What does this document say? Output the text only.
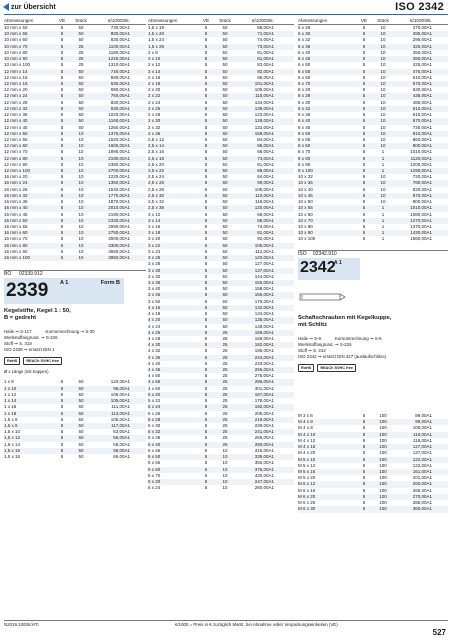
zur Übersicht	ISO 2342
Abmessungen	VE	Stück	€/1000Stk.
10 mm x 50	5	50	730,00A1
10 mm x 55	5	50	800,00A1
10 mm x 60	5	50	830,00A1
10 mm x 70	5	25	1100,00A1
10 mm x 80	5	25	1180,00A1
10 mm x 90	5	25	1220,00A1
10 mm x 100	5	25	1310,00A1
12 mm x 14	5	50	740,00A1
12 mm x 16	5	50	590,00A1
12 mm x 18	5	50	630,00A1
12 mm x 20	5	50	690,00A1
12 mm x 24	5	50	760,00A1
12 mm x 28	5	50	830,00A1
12 mm x 32	5	50	930,00A1
12 mm x 36	5	50	1020,00A1
12 mm x 40	5	50	1160,00A1
12 mm x 45	5	50	1260,00A1
12 mm x 50	5	10	1370,00A1
12 mm x 55	5	10	1520,00A1
12 mm x 60	5	10	1600,00A1
12 mm x 70	5	10	1890,00A1
12 mm x 80	5	10	2190,00A1
12 mm x 90	5	10	2380,00A1
12 mm x 100	5	10	2700,00A1
16 mm x 20	5	10	1220,00A1
16 mm x 24	5	10	1350,00A1
16 mm x 28	5	10	1540,00A1
16 mm x 32	5	10	1770,00A1
16 mm x 36	5	10	1870,00A1
16 mm x 40	5	10	2010,00A1
16 mm x 45	5	10	2190,00A1
16 mm x 50	5	10	2330,00A1
16 mm x 55	5	10	2590,00A1
16 mm x 60	5	10	2750,00A1
16 mm x 70	5	10	3000,00A1
16 mm x 80	5	10	3300,00A1
16 mm x 90	5	10	3650,00A1
16 mm x 100	5	10	3950,00A1
BO	02339.912
2339 A 1	Form B
Kegelstifte, Kegel 1 : 50,
B = gedreht
Haile ➞ S-117	Kornumrechnung ➞ S-30
Werkstoffangrund. ➞ S-226
Stoff ➞ S. 318
ISO 2339 ➞ ersetzt DIN 1
RoHS	REACh SVHC free
Ø x Länge (mit Kappen)
1 x 8	5	50	120,00A1
1 x 10	5	50	96,00A1
1 x 12	5	50	105,00A1
1 x 14	5	50	105,00A1
1 x 16	5	50	111,00A1
1 x 18	5	50	113,00A1
1,5 x 6	5	50	105,00A1
1,5 x 8	5	50	117,00A1
1,5 x 10	5	50	53,00A1
1,5 x 12	5	50	56,00A1
1,5 x 14	5	50	58,00A1
1,5 x 16	5	50	58,00A1
1,5 x 18	5	50	65,00A1
Abmessungen	VE	Stück	€/1000Stk.
1,5 x 19	5	50	68,00A1
1,5 x 20	5	50	71,00A1
1,5 x 24	5	50	74,00A1
1,5 x 26	5	50	73,00A1
2 x 8	5	50	81,00A1
2 x 10	5	50	81,00A1
2 x 12	5	50	83,00A1
2 x 14	5	50	92,00A1
2 x 16	5	50	95,00A1
2 x 18	5	50	101,00A1
2 x 20	5	50	105,00A1
2 x 22	5	50	110,00A1
2 x 24	5	50	134,00A1
2 x 26	5	50	139,00A1
2 x 28	5	50	122,00A1
2 x 30	5	50	128,00A1
2 x 32	5	50	132,00A1
2 x 36	5	50	158,00A1
2,5 x 12	5	50	84,00A1
2,5 x 14	5	50	86,00A1
2,5 x 16	5	50	68,00A1
2,5 x 18	5	50	74,00A1
2,5 x 20	5	50	81,00A1
2,5 x 22	5	50	88,00A1
2,5 x 24	5	50	94,00A1
2,5 x 26	5	50	99,00A1
2,5 x 28	5	50	105,00A1
2,5 x 30	5	50	110,00A1
2,5 x 32	5	50	116,00A1
2,5 x 36	5	50	120,00A1
3 x 12	5	50	68,00A1
3 x 14	5	50	68,00A1
3 x 16	5	50	74,00A1
3 x 18	5	50	81,00A1
3 x 20	5	50	92,00A1
3 x 22	5	50	105,00A1
3 x 24	5	50	112,00A1
3 x 26	5	50	120,00A1
3 x 28	5	50	127,00A1
3 x 30	5	50	137,00A1
3 x 32	5	50	144,00A1
3 x 36	5	50	150,00A1
3 x 40	5	50	158,00A1
3 x 45	5	50	165,00A1
3 x 50	5	50	175,00A1
4 x 16	5	50	132,00A1
4 x 18	5	50	134,00A1
4 x 20	5	50	135,00A1
4 x 24	5	50	148,00A1
4 x 26	5	25	159,00A1
4 x 28	5	25	169,00A1
4 x 30	5	25	182,00A1
4 x 32	5	25	195,00A1
4 x 36	5	25	234,00A1
4 x 40	5	25	233,00A1
4 x 45	5	25	255,00A1
4 x 50	5	25	275,00A1
4 x 55	5	25	296,00A1
4 x 60	5	25	301,00A1
5 x 20	5	25	167,00A1
5 x 22	5	25	178,00A1
5 x 24	5	25	192,00A1
5 x 26	5	25	205,00A1
5 x 28	5	25	216,00A1
5 x 30	5	25	229,00A1
5 x 32	5	25	241,00A1
5 x 36	5	25	265,00A1
5 x 40	5	25	280,00A1
5 x 45	5	10	315,00A1
5 x 50	5	10	335,00A1
5 x 55	5	10	355,00A1
5 x 60	5	10	375,00A1
5 x 70	5	10	430,00A1
6 x 20	5	10	247,00A1
6 x 24	5	10	260,00A1
Abmessungen	VE	Stück	€/1000Stk.
6 x 28	5	10	270,00A1
6 x 30	5	10	285,00A1
6 x 32	5	10	295,00A1
6 x 36	5	10	325,00A1
6 x 40	5	10	355,00A1
6 x 45	5	10	390,00A1
6 x 50	5	10	425,00A1
6 x 55	5	10	475,00A1
6 x 60	5	10	510,00A1
6 x 70	5	10	570,00A1
8 x 20	5	10	630,00A1
8 x 28	5	10	435,00A1
8 x 30	5	10	485,00A1
8 x 32	5	10	510,00A1
8 x 36	5	10	610,00A1
8 x 40	5	10	670,00A1
8 x 45	5	10	730,00A1
8 x 50	5	10	810,00A1
8 x 55	5	10	860,00A1
8 x 60	5	10	900,00A1
8 x 70	5	1	1010,00A1
8 x 80	5	1	1120,00A1
8 x 90	5	1	1200,00A1
8 x 100	5	1	1290,00A1
10 x 32	5	10	720,00A1
10 x 36	5	10	780,00A1
10 x 40	5	10	820,00A1
10 x 45	5	10	870,00A1
10 x 50	5	10	900,00A1
10 x 55	5	1	1010,00A1
10 x 60	5	1	1080,00A1
10 x 70	5	1	1270,00A1
10 x 80	5	1	1370,00A1
10 x 90	5	1	1430,00A1
10 x 100	5	1	1560,00A1
ISO	02342.910
2342
A 1
Schaftschrauben mit Kegelkuppe,
mit Schlitz
Haile ➞ S-9	Kornumrechnung ➞ S-6
Werkstoffangrund. ➞ S-226
Stoff ➞ S. 232
ISO 2342 ➞ ersetzt DIN 427 (auslaufschlitze)
RoHS	REACh SVHC free
M 3 x 6	5	100	89,00A1
M 4 x 8	5	100	99,00A1
M 4 x 8	5	100	105,00A1
M 4 x 10	5	100	110,00A1
M 4 x 12	5	100	118,00A1
M 4 x 16	5	100	127,00A1
M 4 x 20	5	100	137,00A1
M 5 x 10	5	100	122,00A1
M 5 x 12	5	100	122,00A1
M 5 x 16	5	100	161,00A1
M 5 x 20	5	100	201,00A1
M 6 x 12	5	100	260,00A1
M 6 x 16	5	100	265,00A1
M 6 x 20	5	100	270,00A1
M 6 x 25	5	100	285,00A1
M 6 x 30	5	100	360,00A1
N2019.10/DE/HTI	€/1000 = Preis in € zuzüglich MwSt. bei Abnahme voller Verpackungseinheiten (VE)
527
